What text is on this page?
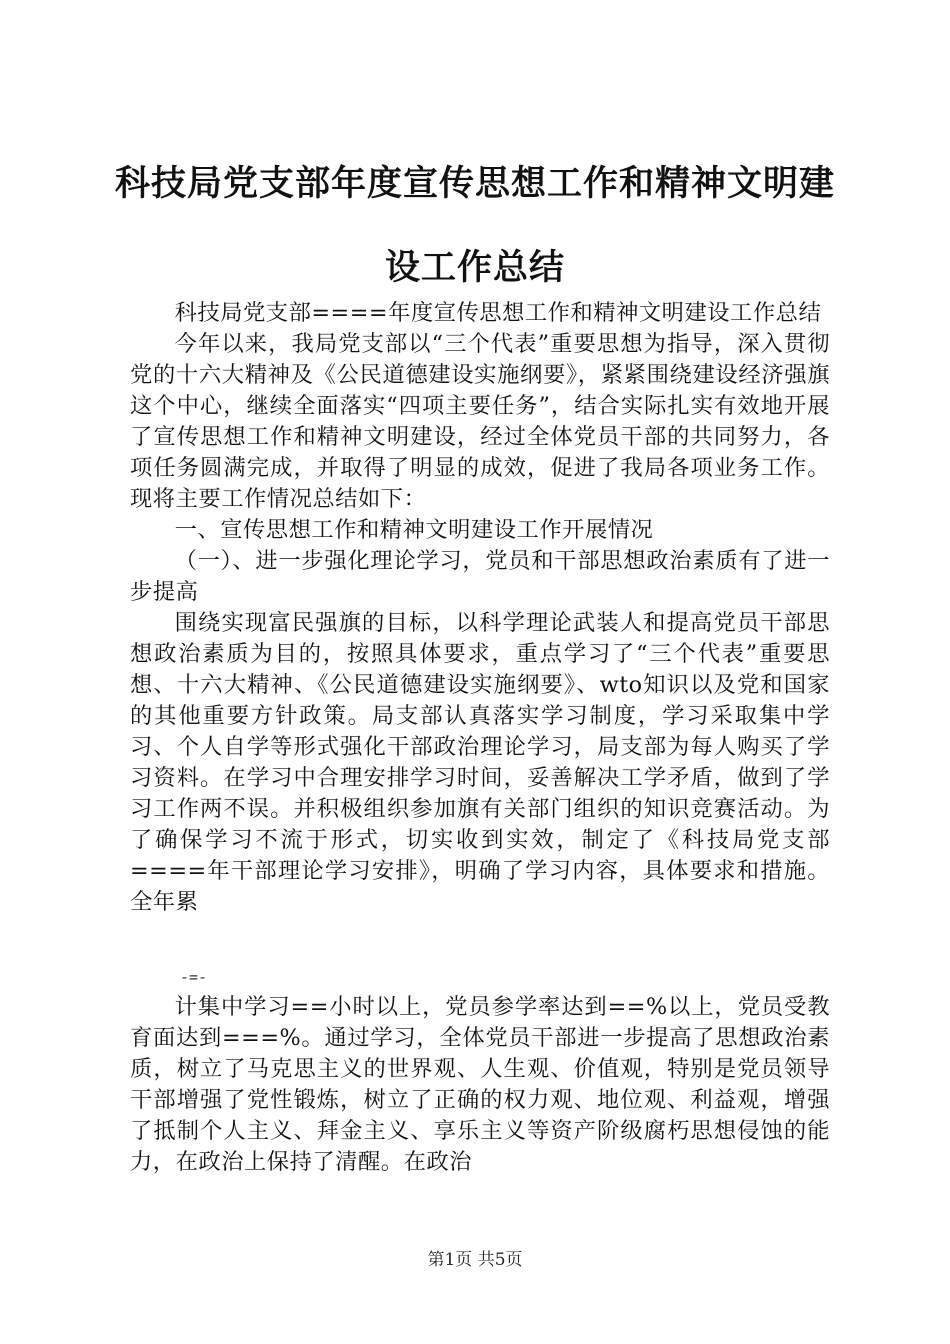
科技局党支部年度宣传思想工作和精神文明建
设工作总结

科技局党支部====年度宣传思想工作和精神文明建设工作总结

今年以来，我局党支部以“三个代表”重要思想为指导，深入贯彻党的十六大精神及《公民道德建设实施纲要》，紧紧围绕建设经济强旗这个中心，继续全面落实“四项主要任务”，结合实际扎实有效地开展了宣传思想工作和精神文明建设，经过全体党员干部的共同努力，各项任务圆满完成，并取得了明显的成效，促进了我局各项业务工作。现将主要工作情况总结如下：

一、宣传思想工作和精神文明建设工作开展情况

（一）、进一步强化理论学习，党员和干部思想政治素质有了进一步提高

围绕实现富民强旗的目标，以科学理论武装人和提高党员干部思想政治素质为目的，按照具体要求，重点学习了“三个代表”重要思想、十六大精神、《公民道德建设实施纲要》、wto知识以及党和国家的其他重要方针政策。局支部认真落实学习制度，学习采取集中学习、个人自学等形式强化干部政治理论学习，局支部为每人购买了学习资料。在学习中合理安排学习时间，妥善解决工学矛盾，做到了学习工作两不误。并积极组织参加旗有关部门组织的知识竞赛活动。为了确保学习不流于形式，切实收到实效，制定了《科技局党支部====年干部理论学习安排》，明确了学习内容，具体要求和措施。全年累

-=-

计集中学习==小时以上，党员参学率达到==%以上，党员受教育面达到===%。通过学习，全体党员干部进一步提高了思想政治素质，树立了马克思主义的世界观、人生观、价值观，特别是党员领导干部增强了党性锻炼，树立了正确的权力观、地位观、利益观，增强了抵制个人主义、拜金主义、享乐主义等资产阶级腐朽思想侵蚀的能力，在政治上保持了清醒。在政治

第1页 共5页
